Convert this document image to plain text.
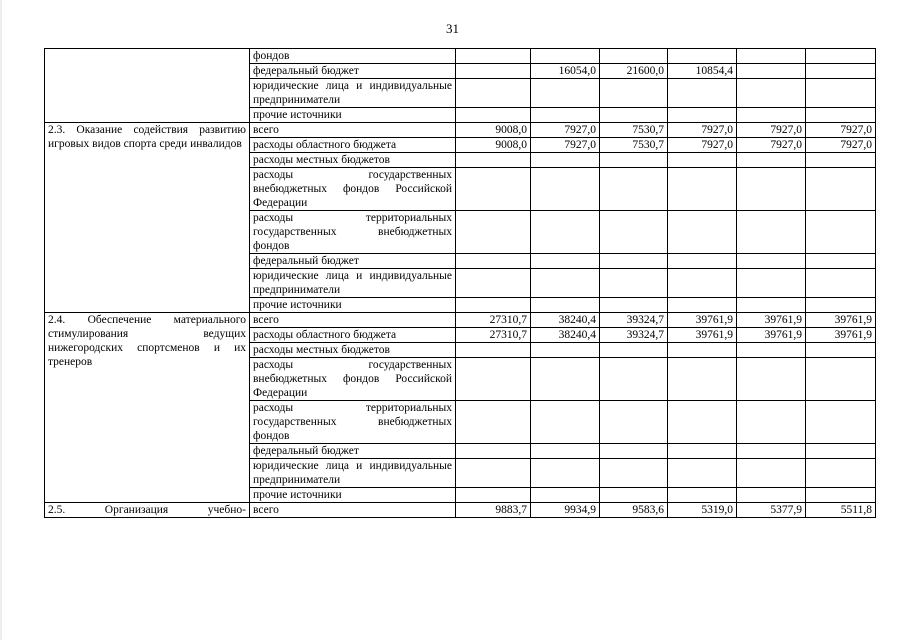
31
	фондов						
	федеральный бюджет		16054,0	21600,0	10854,4		
	юридические лица и индивидуальные предприниматели						
	прочие источники						
2.3. Оказание содействия развитию игровых видов спорта среди инвалидов	всего	9008,0	7927,0	7530,7	7927,0	7927,0	7927,0
	расходы областного бюджета	9008,0	7927,0	7530,7	7927,0	7927,0	7927,0
	расходы местных бюджетов						
	расходы государственных внебюджетных фондов Российской Федерации						
	расходы территориальных государственных внебюджетных фондов						
	федеральный бюджет						
	юридические лица и индивидуальные предприниматели						
	прочие источники						
2.4. Обеспечение материального стимулирования ведущих нижегородских спортсменов и их тренеров	всего	27310,7	38240,4	39324,7	39761,9	39761,9	39761,9
	расходы областного бюджета	27310,7	38240,4	39324,7	39761,9	39761,9	39761,9
	расходы местных бюджетов						
	расходы государственных внебюджетных фондов Российской Федерации						
	расходы территориальных государственных внебюджетных фондов						
	федеральный бюджет						
	юридические лица и индивидуальные предприниматели						
	прочие источники						
2.5. Организация учебно-	всего	9883,7	9934,9	9583,6	5319,0	5377,9	5511,8
